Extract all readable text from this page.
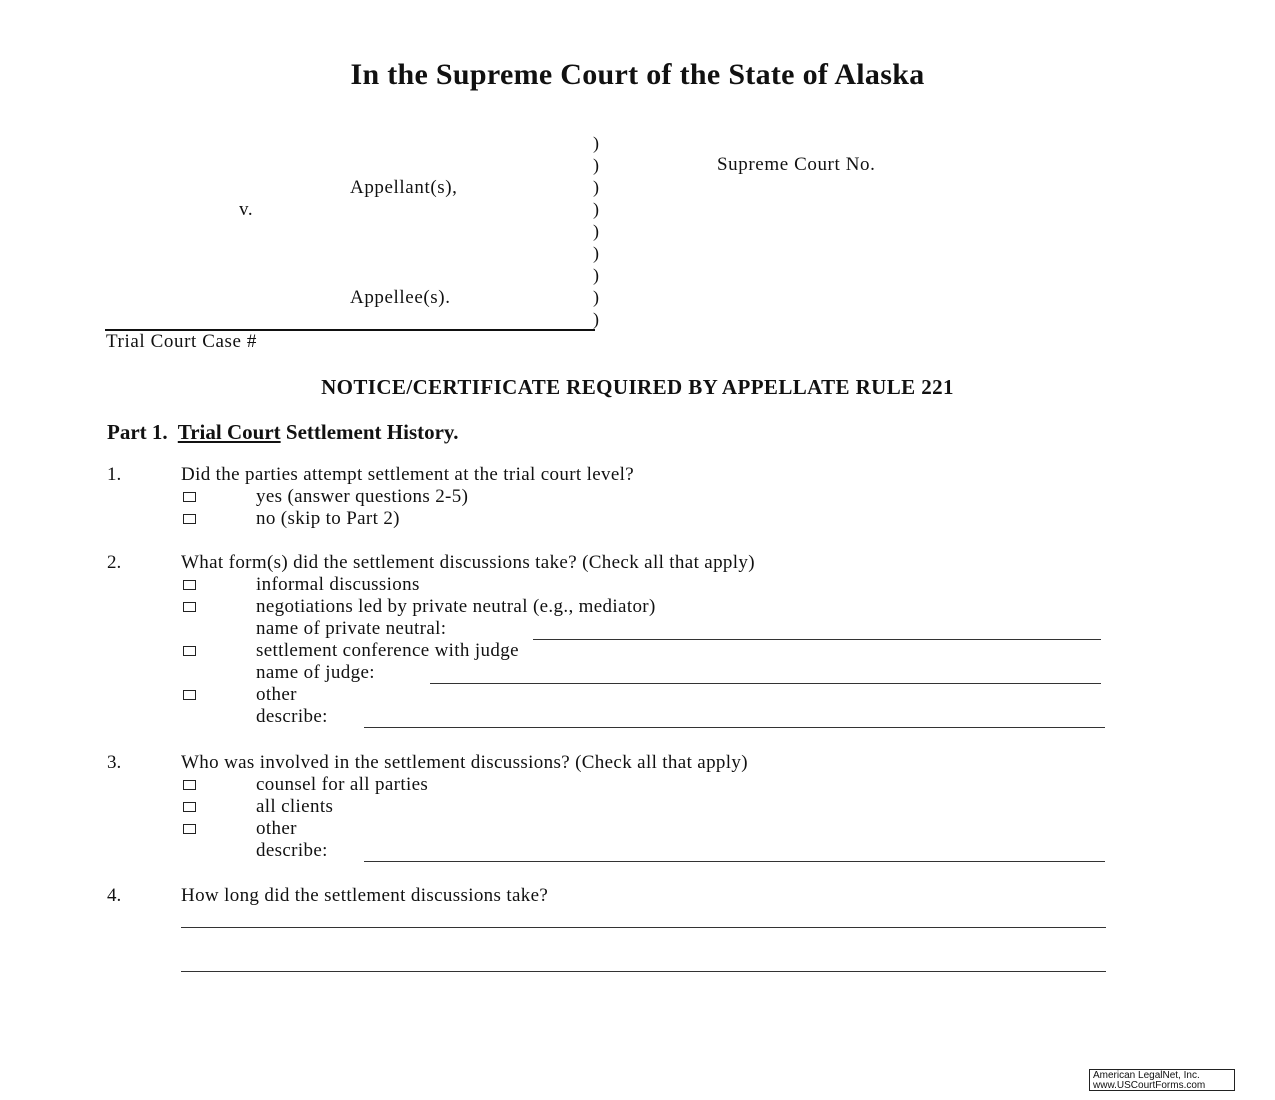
In the Supreme Court of the State of Alaska
)
)
)
)
)
)
)
)
)
Appellant(s),
v.
Appellee(s).
Supreme Court No.
Trial Court Case #
NOTICE/CERTIFICATE REQUIRED BY APPELLATE RULE 221
Part 1. Trial Court Settlement History.
1.	Did the parties attempt settlement at the trial court level?
yes (answer questions 2-5)
no (skip to Part 2)
2.	What form(s) did the settlement discussions take? (Check all that apply)
informal discussions
negotiations led by private neutral (e.g., mediator)
name of private neutral:
settlement conference with judge
name of judge:
other
describe:
3.	Who was involved in the settlement discussions? (Check all that apply)
counsel for all parties
all clients
other
describe:
4.	How long did the settlement discussions take?
American LegalNet, Inc.
www.USCourtForms.com
